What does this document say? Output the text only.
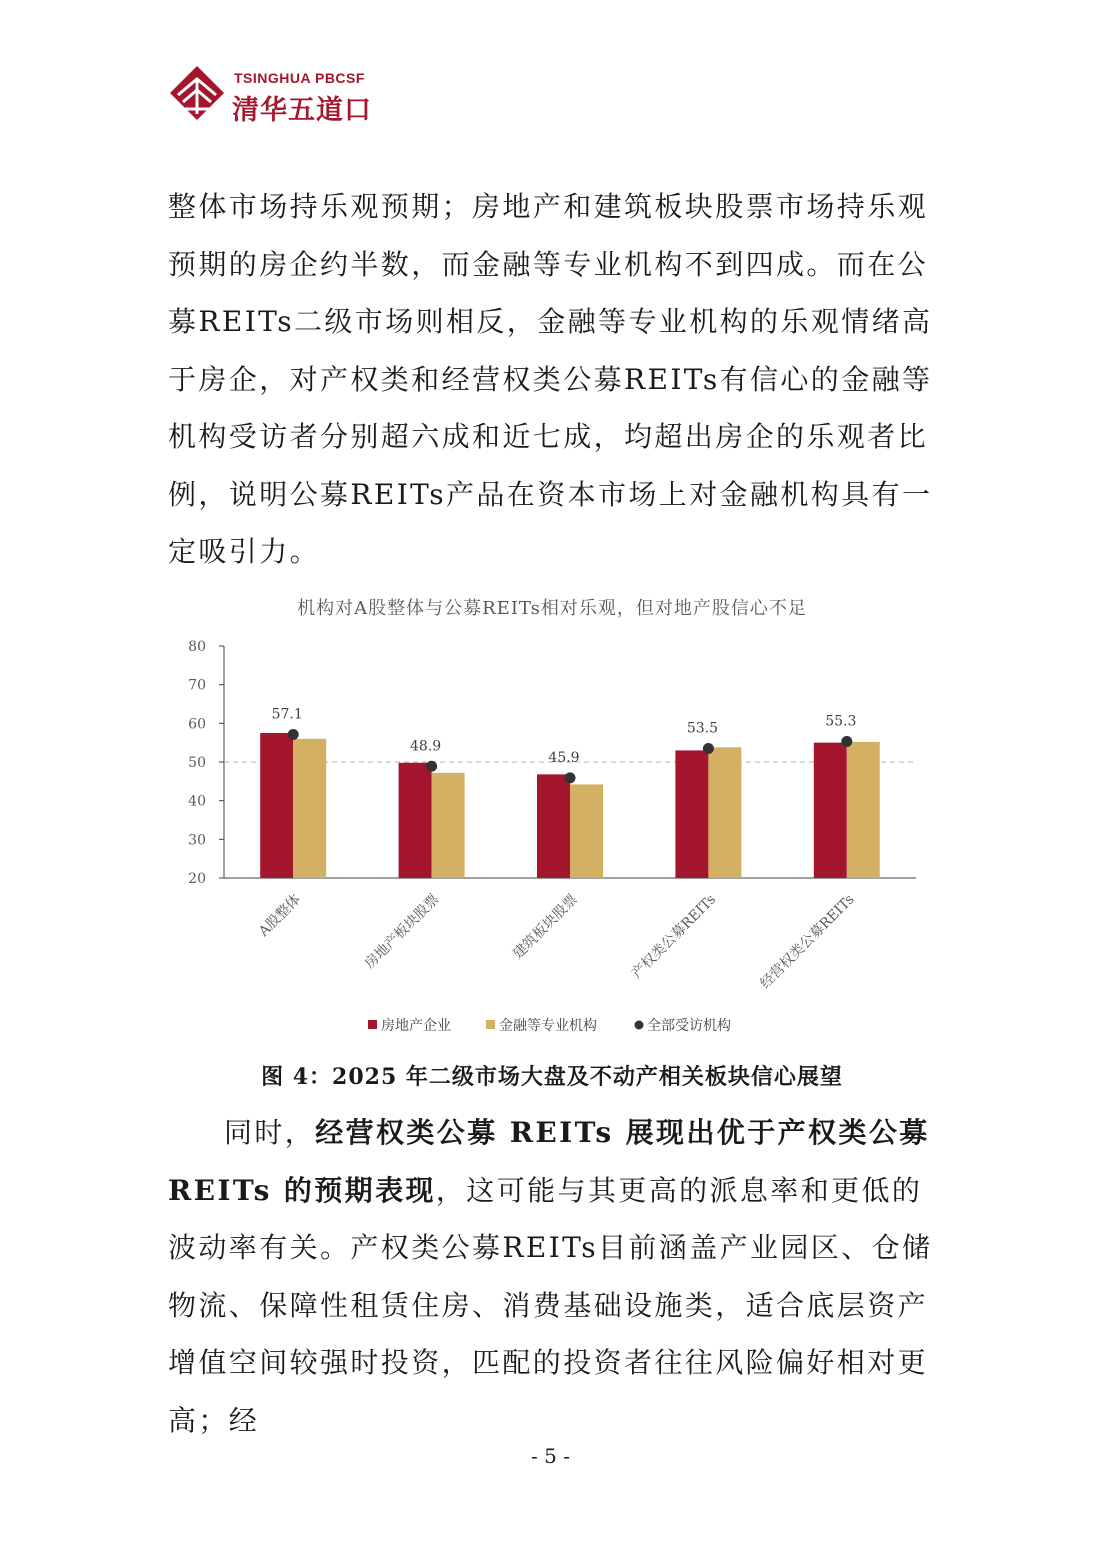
TSINGHUA PBCSF
清华五道口

整体市场持乐观预期；房地产和建筑板块股票市场持乐观预期的房企约半数，而金融等专业机构不到四成。而在公募REITs二级市场则相反，金融等专业机构的乐观情绪高于房企，对产权类和经营权类公募REITs有信心的金融等机构受访者分别超六成和近七成，均超出房企的乐观者比例，说明公募REITs产品在资本市场上对金融机构具有一定吸引力。

机构对A股整体与公募REITs相对乐观，但对地产股信心不足
20
30
40
50
60
70
80
57.1
A股整体
48.9
房地产板块股票
45.9
建筑板块股票
53.5
产权类公募REITs
55.3
经营权类公募REITs
房地产企业	金融等专业机构	全部受访机构
图 4：2025 年二级市场大盘及不动产相关板块信心展望

同时，经营权类公募 REITs 展现出优于产权类公募 REITs 的预期表现，这可能与其更高的派息率和更低的波动率有关。产权类公募REITs目前涵盖产业园区、仓储物流、保障性租赁住房、消费基础设施类，适合底层资产增值空间较强时投资，匹配的投资者往往风险偏好相对更高；经

- 5 -
